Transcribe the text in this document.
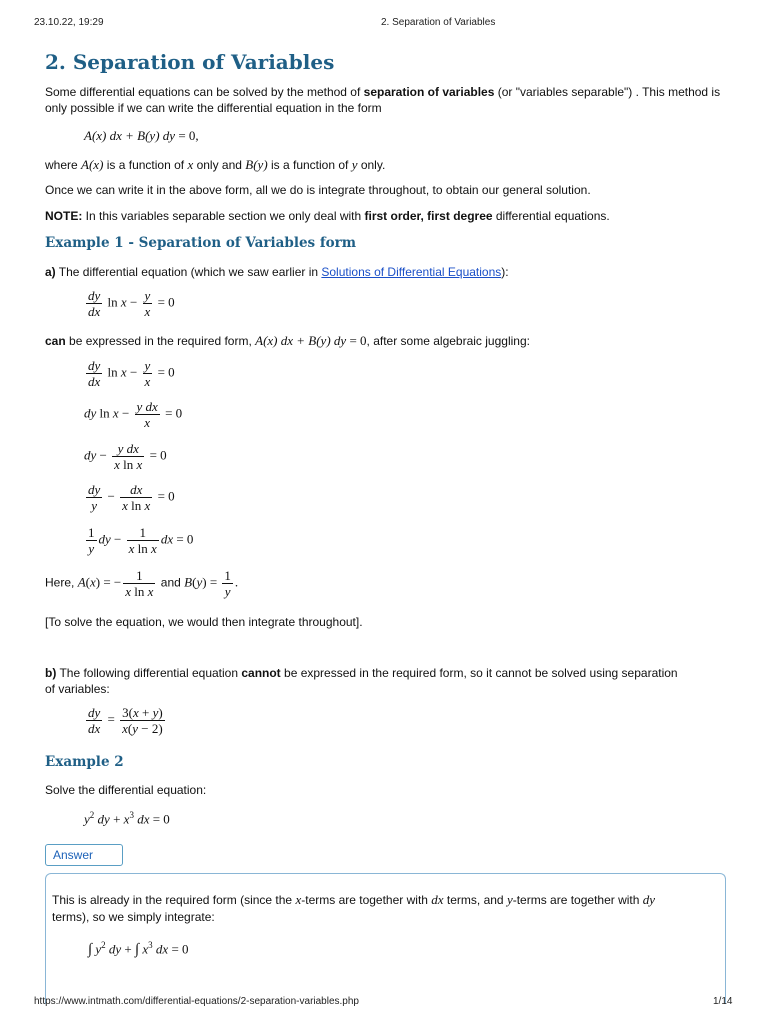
23.10.22, 19:29	2. Separation of Variables
2. Separation of Variables
Some differential equations can be solved by the method of separation of variables (or "variables separable") . This method is only possible if we can write the differential equation in the form
A(x) dx + B(y) dy = 0,
where A(x) is a function of x only and B(y) is a function of y only.
Once we can write it in the above form, all we do is integrate throughout, to obtain our general solution.
NOTE: In this variables separable section we only deal with first order, first degree differential equations.
Example 1 - Separation of Variables form
a) The differential equation (which we saw earlier in Solutions of Differential Equations):
$\frac{dy}{dx}$ $\ln x - \frac{y}{x} = 0$
can be expressed in the required form, A(x) dx + B(y) dy = 0, after some algebraic juggling:
$\frac{dy}{dx}$ $\ln x - \frac{y}{x} = 0$
dy $\ln x - \frac{\text{y dx}}{x} = 0$
dy − $\frac{\text{y dx}}{\text{x ln x}} = 0$
$\frac{dy}{y} - \frac{dx}{\text{x ln x}} = 0$
$\frac{1}{y}$ dy − $\frac{1}{\text{x ln x}}$ dx = 0
Here, A(x) = − $\frac{1}{\text{x ln x}}$ and $B(y) = \frac{1}{y}$ .
[To solve the equation, we would then integrate throughout].
b) The following differential equation cannot be expressed in the required form, so it cannot be solved using separation of variables:
$\frac{dy}{dx} = \frac{3(x + y)}{x(y - 2)}$
Example 2
Solve the differential equation:
$y^2$ dy + $x^3$ dx = 0
Answer
This is already in the required form (since the x-terms are together with dx terms, and y-terms are together with dy terms), so we simply integrate:
∫ $y^2$ dy + ∫ $x^3$ dx = 0
https://www.intmath.com/differential-equations/2-separation-variables.php	1/14
